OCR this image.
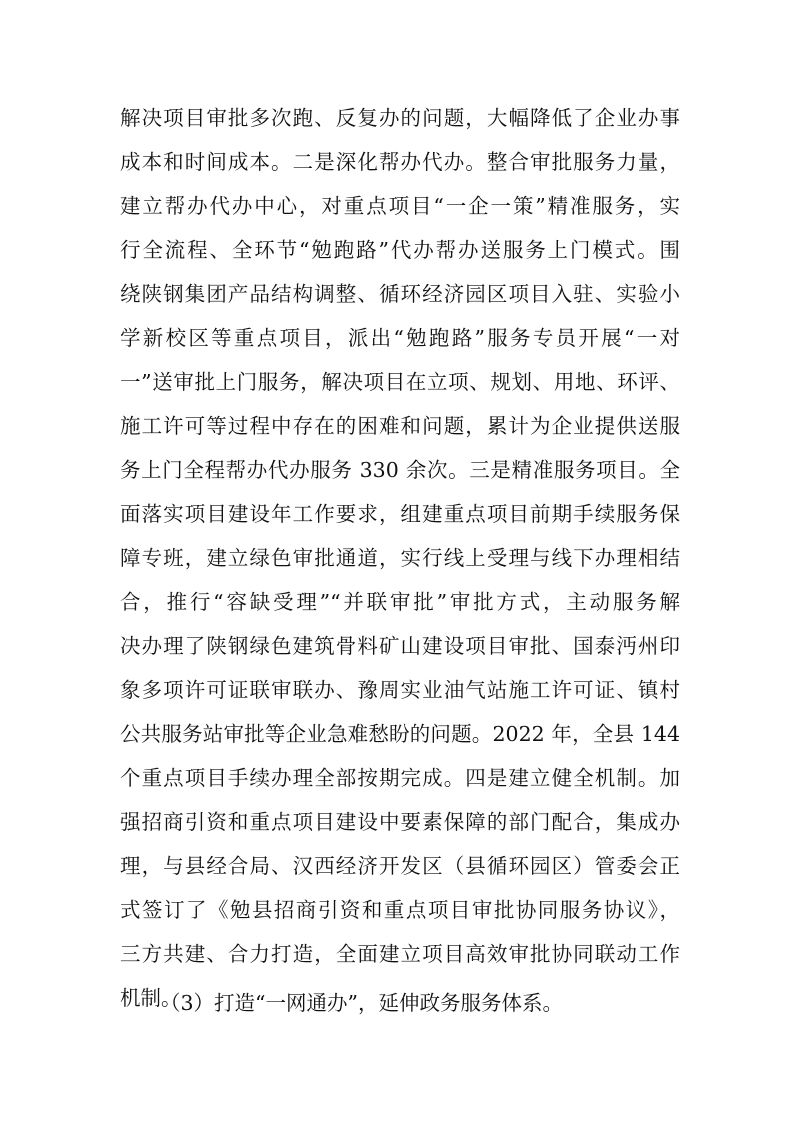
解决项目审批多次跑、反复办的问题，大幅降低了企业办事
成本和时间成本。二是深化帮办代办。整合审批服务力量，
建立帮办代办中心，对重点项目“一企一策”精准服务，实
行全流程、全环节“勉跑路”代办帮办送服务上门模式。围
绕陕钢集团产品结构调整、循环经济园区项目入驻、实验小
学新校区等重点项目，派出“勉跑路”服务专员开展“一对
一”送审批上门服务，解决项目在立项、规划、用地、环评、
施工许可等过程中存在的困难和问题，累计为企业提供送服
务上门全程帮办代办服务 330 余次。三是精准服务项目。全
面落实项目建设年工作要求，组建重点项目前期手续服务保
障专班，建立绿色审批通道，实行线上受理与线下办理相结
合，推行“容缺受理”“并联审批”审批方式，主动服务解
决办理了陕钢绿色建筑骨料矿山建设项目审批、国泰沔州印
象多项许可证联审联办、豫周实业油气站施工许可证、镇村
公共服务站审批等企业急难愁盼的问题。2022 年，全县 144
个重点项目手续办理全部按期完成。四是建立健全机制。加
强招商引资和重点项目建设中要素保障的部门配合，集成办
理，与县经合局、汉西经济开发区（县循环园区）管委会正
式签订了《勉县招商引资和重点项目审批协同服务协议》，
三方共建、合力打造，全面建立项目高效审批协同联动工作
机制。
（3）打造“一网通办”，延伸政务服务体系。
